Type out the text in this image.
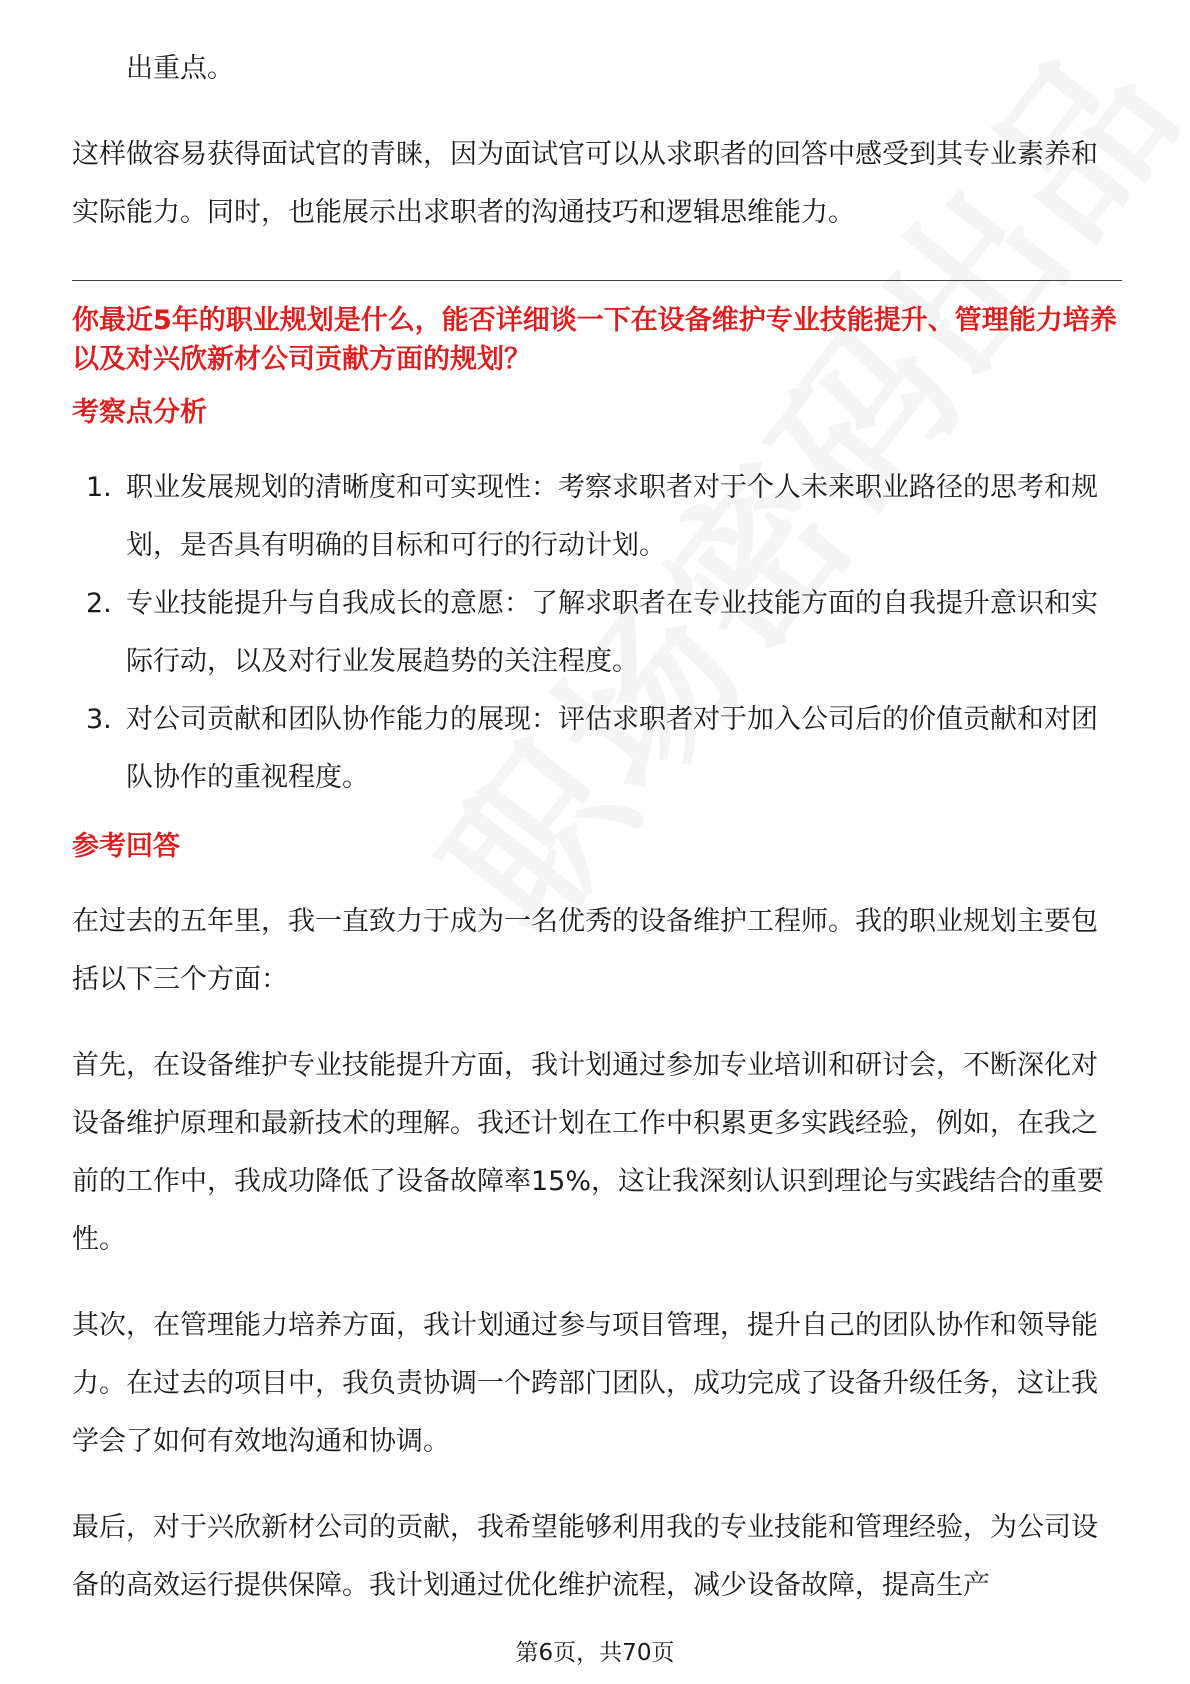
出重点。

这样做容易获得面试官的青睐，因为面试官可以从求职者的回答中感受到其专业素养和实际能力。同时，也能展示出求职者的沟通技巧和逻辑思维能力。

你最近5年的职业规划是什么，能否详细谈一下在设备维护专业技能提升、管理能力培养以及对兴欣新材公司贡献方面的规划？

考察点分析

1. 职业发展规划的清晰度和可实现性：考察求职者对于个人未来职业路径的思考和规划，是否具有明确的目标和可行的行动计划。
2. 专业技能提升与自我成长的意愿：了解求职者在专业技能方面的自我提升意识和实际行动，以及对行业发展趋势的关注程度。
3. 对公司贡献和团队协作能力的展现：评估求职者对于加入公司后的价值贡献和对团队协作的重视程度。

参考回答

在过去的五年里，我一直致力于成为一名优秀的设备维护工程师。我的职业规划主要包括以下三个方面：

首先，在设备维护专业技能提升方面，我计划通过参加专业培训和研讨会，不断深化对设备维护原理和最新技术的理解。我还计划在工作中积累更多实践经验，例如，在我之前的工作中，我成功降低了设备故障率15%，这让我深刻认识到理论与实践结合的重要性。

其次，在管理能力培养方面，我计划通过参与项目管理，提升自己的团队协作和领导能力。在过去的项目中，我负责协调一个跨部门团队，成功完成了设备升级任务，这让我学会了如何有效地沟通和协调。

最后，对于兴欣新材公司的贡献，我希望能够利用我的专业技能和管理经验，为公司设备的高效运行提供保障。我计划通过优化维护流程，减少设备故障，提高生产

第6页，共70页
